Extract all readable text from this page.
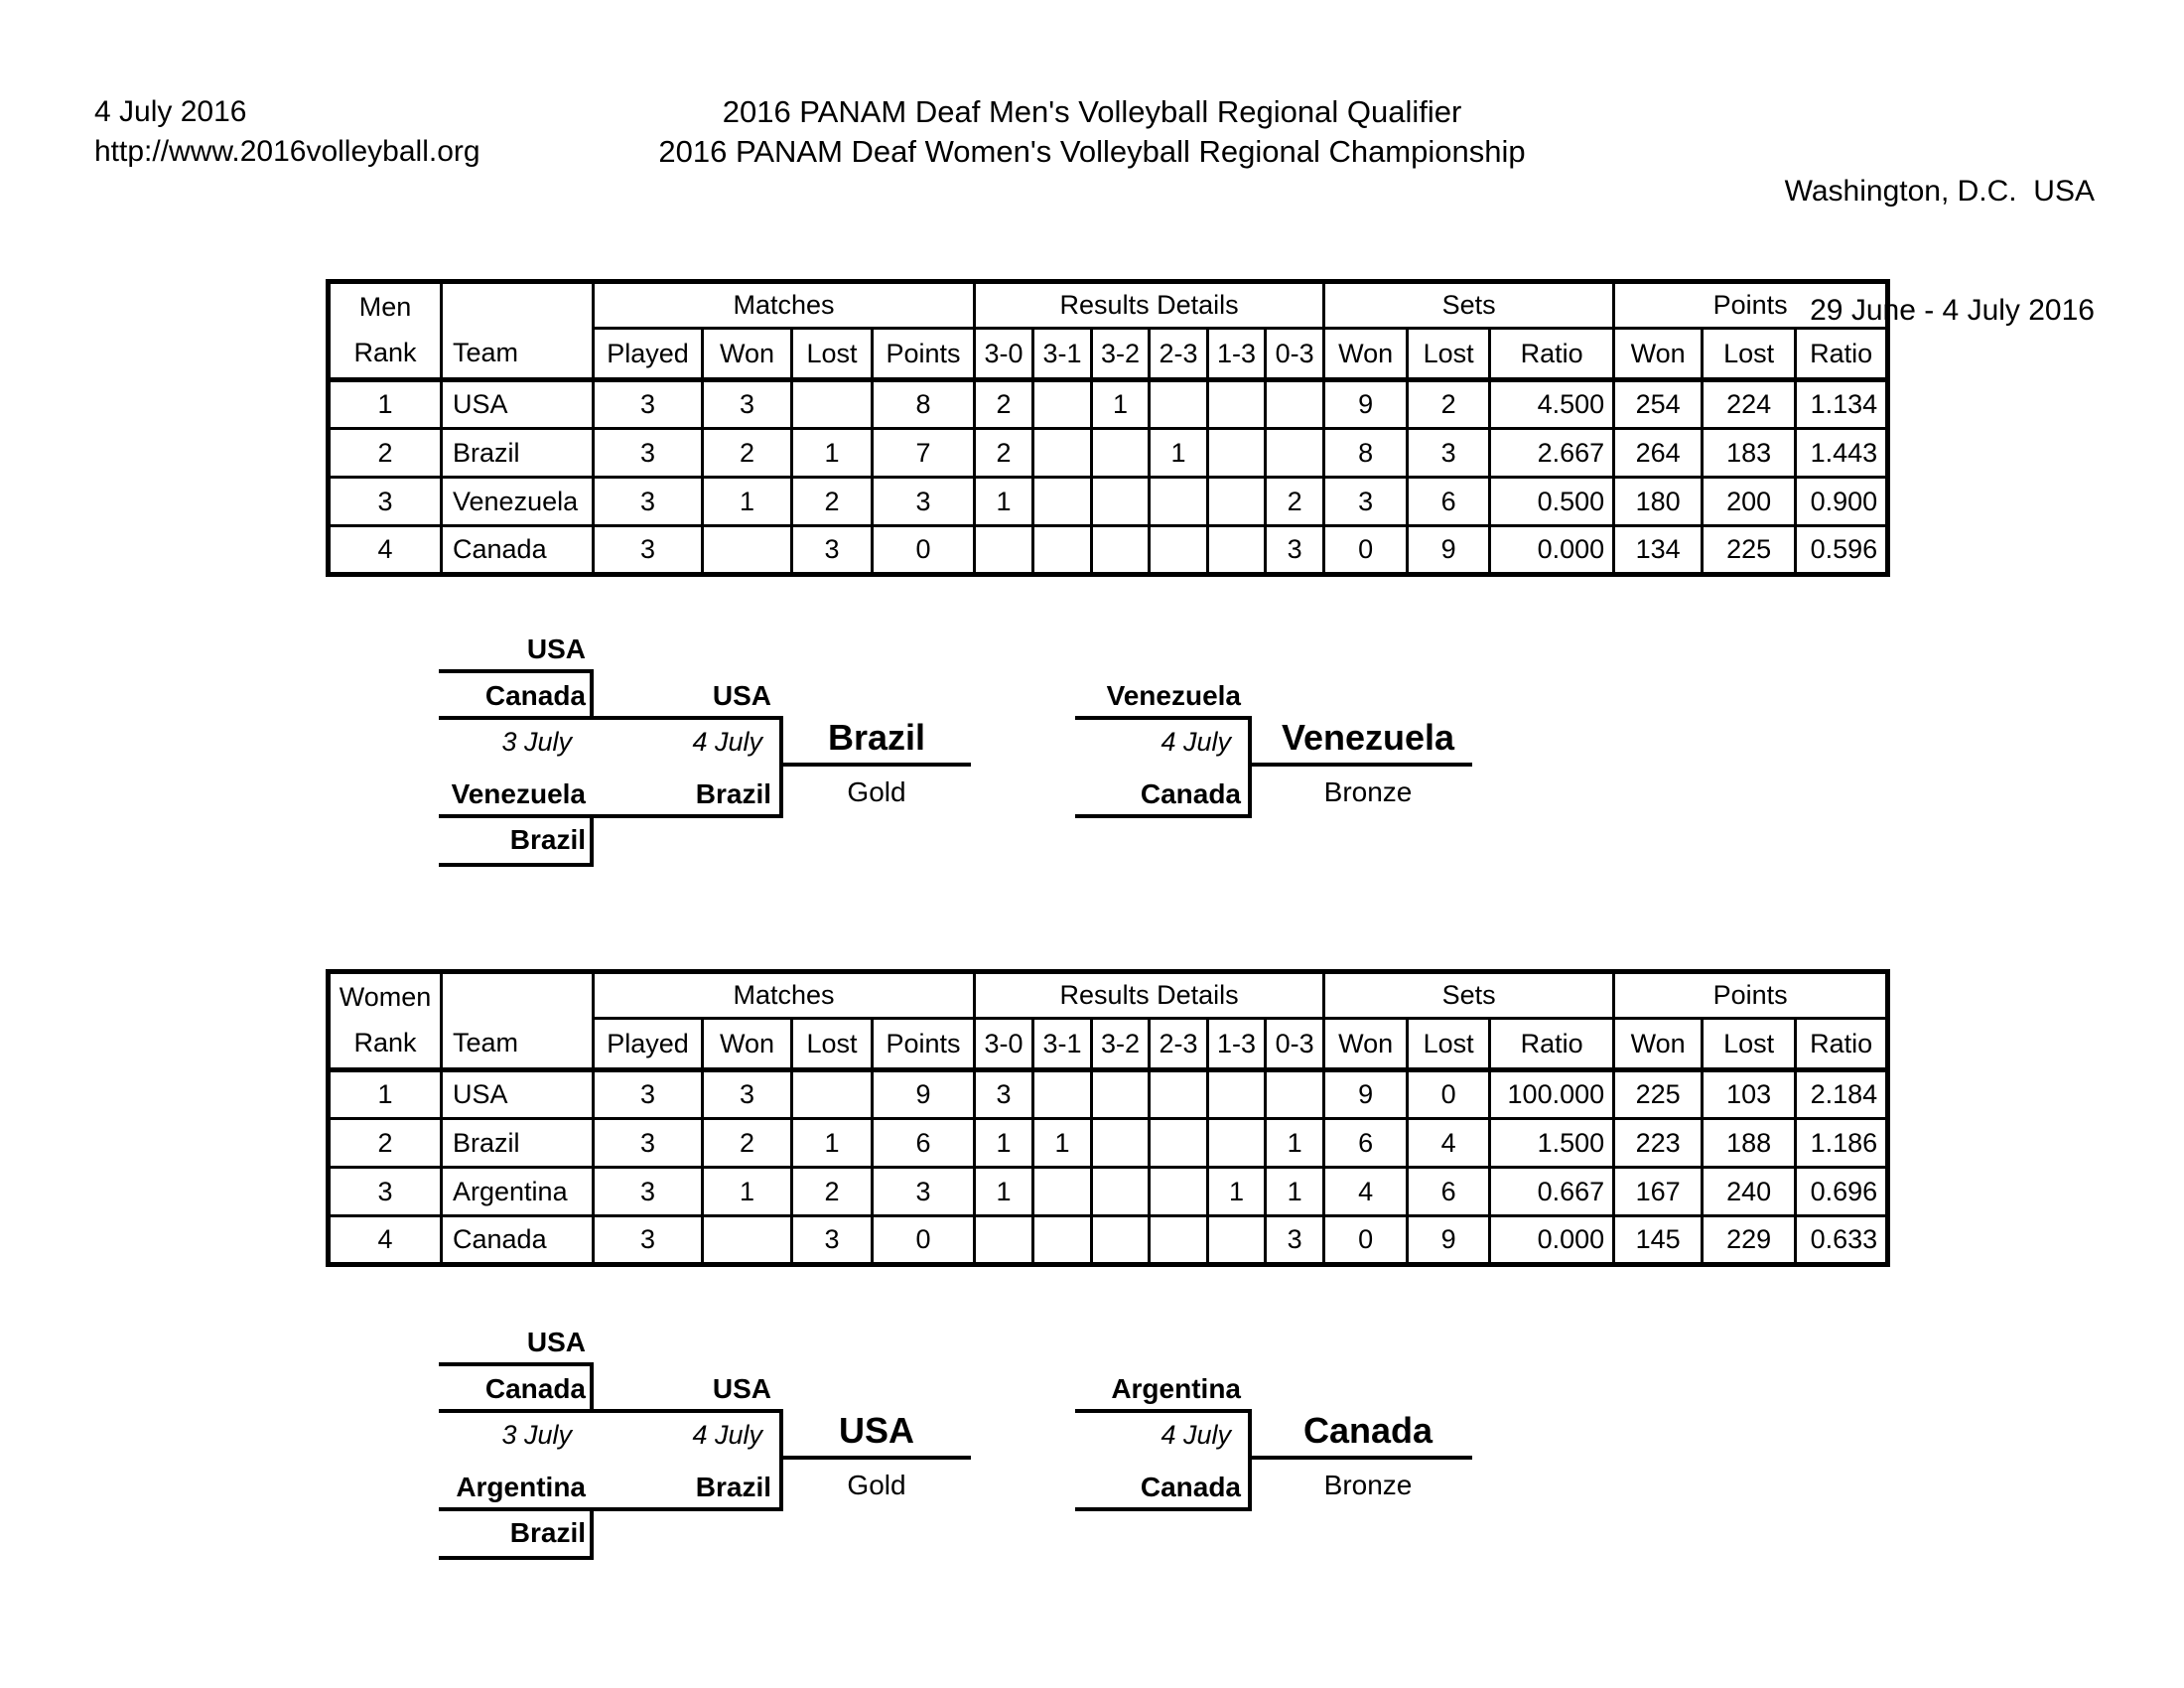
4 July 2016
http://www.2016volleyball.org
2016 PANAM Deaf Men's Volleyball Regional Qualifier
2016 PANAM Deaf Women's Volleyball Regional Championship

Washington, D.C.  USA

29 June - 4 July 2016

Men
Rank	Team	Matches				Results Details						Sets			Points		
		Played	Won	Lost	Points	3-0	3-1	3-2	2-3	1-3	0-3	Won	Lost	Ratio	Won	Lost	Ratio
1	USA	3	3		8	2		1				9	2	4.500	254	224	1.134
2	Brazil	3	2	1	7	2			1			8	3	2.667	264	183	1.443
3	Venezuela	3	1	2	3	1					2	3	6	0.500	180	200	0.900
4	Canada	3		3	0						3	0	9	0.000	134	225	0.596
USA
Canada
3 July
Venezuela
Brazil
USA
4 July
Brazil
Brazil
Gold
Venezuela
4 July
Canada
Venezuela
Bronze
Women
Rank	Team	Matches				Results Details						Sets			Points		
		Played	Won	Lost	Points	3-0	3-1	3-2	2-3	1-3	0-3	Won	Lost	Ratio	Won	Lost	Ratio
1	USA	3	3		9	3						9	0	100.000	225	103	2.184
2	Brazil	3	2	1	6	1	1				1	6	4	1.500	223	188	1.186
3	Argentina	3	1	2	3	1				1	1	4	6	0.667	167	240	0.696
4	Canada	3		3	0						3	0	9	0.000	145	229	0.633
USA
Canada
3 July
Argentina
Brazil
USA
4 July
Brazil
USA
Gold
Argentina
4 July
Canada
Canada
Bronze
